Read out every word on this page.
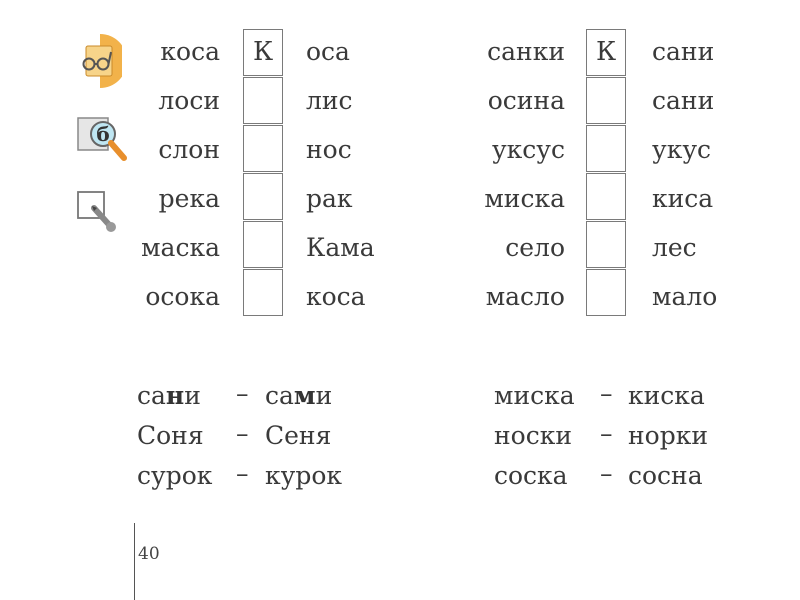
б
коса
лоси
слон
река
маска
осока
К	оса
лис
нос
рак
Кама
коса
санки
осина
уксус
миска
село
масло
К	сани
сани
укус
киса
лес
мало
сани – сами
Соня – Сеня
сурок – курок
миска – киска
носки – норки
соска – сосна
40
